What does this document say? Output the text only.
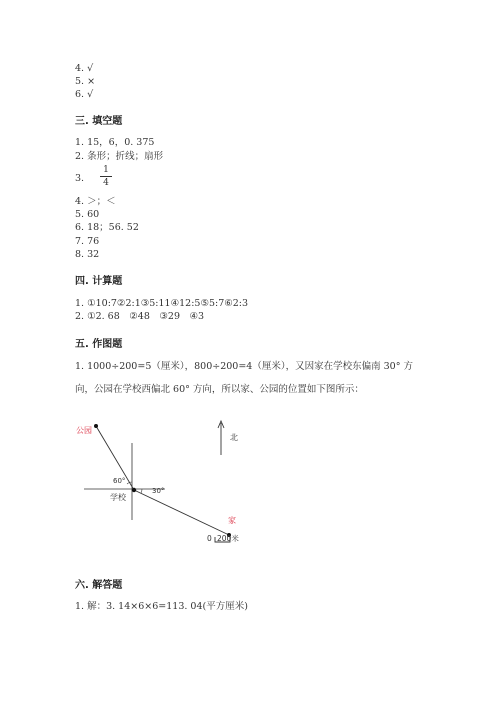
4. √
5. ×
6. √
三. 填空题
1. 15，6，0. 375
2. 条形；折线；扇形
3.
1
4
4. ＞；＜
5. 60
6. 18；56. 52
7. 76
8. 32
四. 计算题
1. ①10:7②2:1③5:11④12:5⑤5:7⑥2:3
2. ①2. 68　②48　③29　④3
五. 作图题
1. 1000÷200=5（厘米），800÷200=4（厘米），又因家在学校东偏南 30° 方
向，公园在学校西偏北 60° 方向，所以家、公园的位置如下图所示：
公园
学校
家
北
60°
30°
0 200米
六. 解答题
1. 解：3. 14×6×6=113. 04(平方厘米)
